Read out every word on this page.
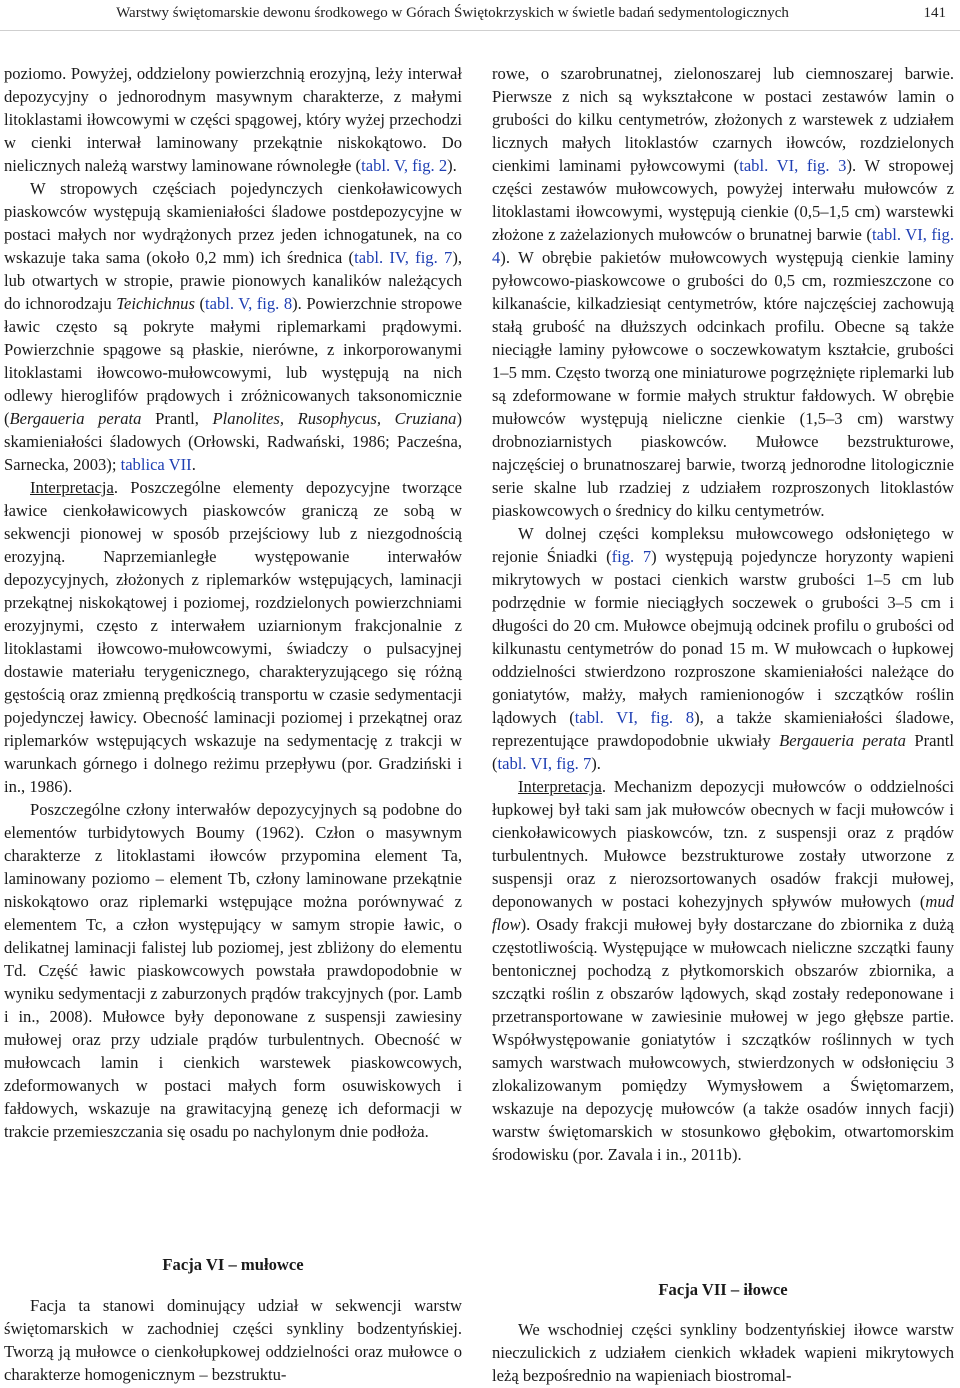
Warstwy świętomarskie dewonu środkowego w Górach Świętokrzyskich w świetle badań sedymentologicznych	141

poziomo. Powyżej, oddzielony powierzchnią erozyjną, leży interwał depozycyjny o jednorodnym masywnym charakterze, z małymi litoklastami iłowcowymi w części spągowej, który wyżej przechodzi w cienki interwał laminowany przekątnie niskokątowo. Do nielicznych należą warstwy laminowane równoległe (tabl. V, fig. 2).

W stropowych częściach pojedynczych cienkoławicowych piaskowców występują skamieniałości śladowe postdepozycyjne w postaci małych nor wydrążonych przez jeden ichnogatunek, na co wskazuje taka sama (około 0,2 mm) ich średnica (tabl. IV, fig. 7), lub otwartych w stropie, prawie pionowych kanalików należących do ichnorodzaju Teichichnus (tabl. V, fig. 8). Powierzchnie stropowe ławic często są pokryte małymi riplemarkami prądowymi. Powierzchnie spągowe są płaskie, nierówne, z inkorporowanymi litoklastami iłowcowo-mułowcowymi, lub występują na nich odlewy hieroglifów prądowych i zróżnicowanych taksonomicznie (Bergaueria perata Prantl, Planolites, Rusophycus, Cruziana) skamieniałości śladowych (Orłowski, Radwański, 1986; Pacześna, Sarnecka, 2003); tablica VII.

Interpretacja. Poszczególne elementy depozycyjne tworzące ławice cienkoławicowych piaskowców graniczą ze sobą w sekwencji pionowej w sposób przejściowy lub z niezgodnością erozyjną. Naprzemianległe występowanie interwałów depozycyjnych, złożonych z riplemarków wstępujących, laminacji przekątnej niskokątowej i poziomej, rozdzielonych powierzchniami erozyjnymi, często z interwałem uziarnionym frakcjonalnie z litoklastami iłowcowo-mułowcowymi, świadczy o pulsacyjnej dostawie materiału terygenicznego, charakteryzującego się różną gęstością oraz zmienną prędkością transportu w czasie sedymentacji pojedynczej ławicy. Obecność laminacji poziomej i przekątnej oraz riplemarków wstępujących wskazuje na sedymentację z trakcji w warunkach górnego i dolnego reżimu przepływu (por. Gradziński i in., 1986).

Poszczególne człony interwałów depozycyjnych są podobne do elementów turbidytowych Boumy (1962). Człon o masywnym charakterze z litoklastami iłowców przypomina element Ta, laminowany poziomo – element Tb, człony laminowane przekątnie niskokątowo oraz riplemarki wstępujące można porównywać z elementem Tc, a człon występujący w samym stropie ławic, o delikatnej laminacji falistej lub poziomej, jest zbliżony do elementu Td. Część ławic piaskowcowych powstała prawdopodobnie w wyniku sedymentacji z zaburzonych prądów trakcyjnych (por. Lamb i in., 2008). Mułowce były deponowane z suspensji zawiesiny mułowej oraz przy udziale prądów turbulentnych. Obecność w mułowcach lamin i cienkich warstewek piaskowcowych, zdeformowanych w postaci małych form osuwiskowych i fałdowych, wskazuje na grawitacyjną genezę ich deformacji w trakcie przemieszczania się osadu po nachylonym dnie podłoża.

Facja VI – mułowce

Facja ta stanowi dominujący udział w sekwencji warstw świętomarskich w zachodniej części synkliny bodzentyńskiej. Tworzą ją mułowce o cienkołupkowej oddzielności oraz mułowce o charakterze homogenicznym – bezstruktu-

rowe, o szarobrunatnej, zielonoszarej lub ciemnoszarej barwie. Pierwsze z nich są wykształcone w postaci zestawów lamin o grubości do kilku centymetrów, złożonych z warstewek z udziałem licznych małych litoklastów czarnych iłowców, rozdzielonych cienkimi laminami pyłowcowymi (tabl. VI, fig. 3). W stropowej części zestawów mułowcowych, powyżej interwału mułowców z litoklastami iłowcowymi, występują cienkie (0,5–1,5 cm) warstewki złożone z zażelazionych mułowców o brunatnej barwie (tabl. VI, fig. 4). W obrębie pakietów mułowcowych występują cienkie laminy pyłowcowo-piaskowcowe o grubości do 0,5 cm, rozmieszczone co kilkanaście, kilkadziesiąt centymetrów, które najczęściej zachowują stałą grubość na dłuższych odcinkach profilu. Obecne są także nieciągłe laminy pyłowcowe o soczewkowatym kształcie, grubości 1–5 mm. Często tworzą one miniaturowe pogrzężnięte riplemarki lub są zdeformowane w formie małych struktur fałdowych. W obrębie mułowców występują nieliczne cienkie (1,5–3 cm) warstwy drobnoziarnistych piaskowców. Mułowce bezstrukturowe, najczęściej o brunatnoszarej barwie, tworzą jednorodne litologicznie serie skalne lub rzadziej z udziałem rozproszonych litoklastów piaskowcowych o średnicy do kilku centymetrów.

W dolnej części kompleksu mułowcowego odsłoniętego w rejonie Śniadki (fig. 7) występują pojedyncze horyzonty wapieni mikrytowych w postaci cienkich warstw grubości 1–5 cm lub podrzędnie w formie nieciągłych soczewek o grubości 3–5 cm i długości do 20 cm. Mułowce obejmują odcinek profilu o grubości od kilkunastu centymetrów do ponad 15 m. W mułowcach o łupkowej oddzielności stwierdzono rozproszone skamieniałości należące do goniatytów, małży, małych ramienionogów i szczątków roślin lądowych (tabl. VI, fig. 8), a także skamieniałości śladowe, reprezentujące prawdopodobnie ukwiały Bergaueria perata Prantl (tabl. VI, fig. 7).

Interpretacja. Mechanizm depozycji mułowców o oddzielności łupkowej był taki sam jak mułowców obecnych w facji mułowców i cienkoławicowych piaskowców, tzn. z suspensji oraz z prądów turbulentnych. Mułowce bezstrukturowe zostały utworzone z suspensji oraz z nierozsortowanych osadów frakcji mułowej, deponowanych w postaci kohezyjnych spływów mułowych (mud flow). Osady frakcji mułowej były dostarczane do zbiornika z dużą częstotliwością. Występujące w mułowcach nieliczne szczątki fauny bentonicznej pochodzą z płytkomorskich obszarów zbiornika, a szczątki roślin z obszarów lądowych, skąd zostały redeponowane i przetransportowane w zawiesinie mułowej w jego głębsze partie. Współwystępowanie goniatytów i szczątków roślinnych w tych samych warstwach mułowcowych, stwierdzonych w odsłonięciu 3 zlokalizowanym pomiędzy Wymysłowem a Świętomarzem, wskazuje na depozycję mułowców (a także osadów innych facji) warstw świętomarskich w stosunkowo głębokim, otwartomorskim środowisku (por. Zavala i in., 2011b).

Facja VII – iłowce

We wschodniej części synkliny bodzentyńskiej iłowce warstw nieczulickich z udziałem cienkich wkładek wapieni mikrytowych leżą bezpośrednio na wapieniach biostromal-
